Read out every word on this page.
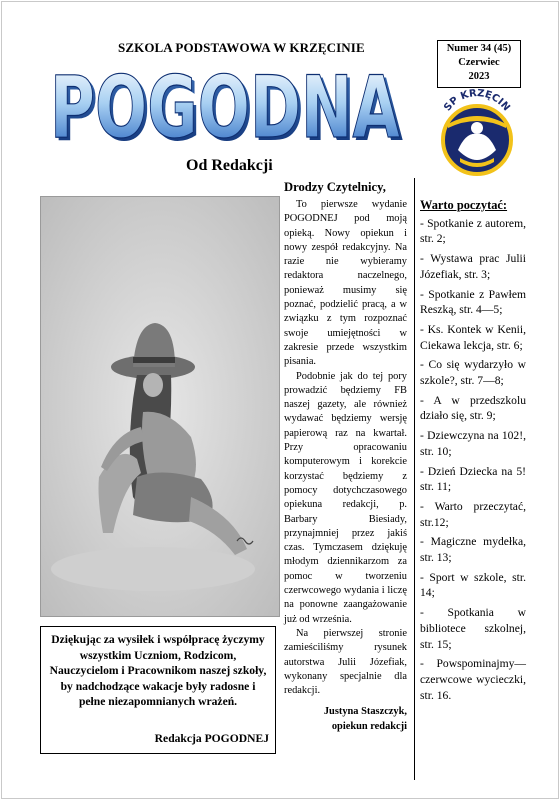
SZKOLA PODSTAWOWA W KRZĘCINIE
POGODNA
POGODNA
Numer 34 (45)
Czerwiec
2023
SP KRZĘCIN
Od Redakcji
Dziękując za wysiłek i współpracę życzymy wszystkim Uczniom, Rodzicom, Nauczycielom i Pracownikom naszej szkoły, by nadchodzące wakacje były radosne i pełne niezapomnianych wrażeń.
Redakcja POGODNEJ
Drodzy Czytelnicy,

To pierwsze wydanie POGODNEJ pod moją opieką. Nowy opiekun i nowy zespół redakcyjny. Na razie nie wybieramy redaktora naczelnego, ponieważ musimy się poznać, podzielić pracą, a w związku z tym rozpoznać swoje umiejętności w zakresie przede wszystkim pisania.

Podobnie jak do tej pory prowadzić będziemy FB naszej gazety, ale również wydawać będziemy wersję papierową raz na kwartał. Przy opracowaniu komputerowym i korekcie korzystać będziemy z pomocy dotychczasowego opiekuna redakcji, p. Barbary Biesiady, przynajmniej przez jakiś czas. Tymczasem dziękuję młodym dziennikarzom za pomoc w tworzeniu czerwcowego wydania i liczę na ponowne zaangażowanie już od września.

Na pierwszej stronie zamieściliśmy rysunek autorstwa Julii Józefiak, wykonany specjalnie dla redakcji.

Justyna Staszczyk,
opiekun redakcji
Warto poczytać:
- Spotkanie z autorem, str. 2;
- Wystawa prac Julii Józefiak, str. 3;
- Spotkanie z Pawłem Reszką, str. 4—5;
- Ks. Kontek w Kenii, Ciekawa lekcja, str. 6;
- Co się wydarzyło w szkole?, str. 7—8;
- A w przedszkolu działo się, str. 9;
- Dziewczyna na 102!, str. 10;
- Dzień Dziecka na 5! str. 11;
- Warto przeczytać, str.12;
- Magiczne mydełka, str. 13;
- Sport w szkole, str. 14;
- Spotkania w bibliotece szkolnej, str. 15;
- Powspominajmy—czerwcowe wycieczki, str. 16.
